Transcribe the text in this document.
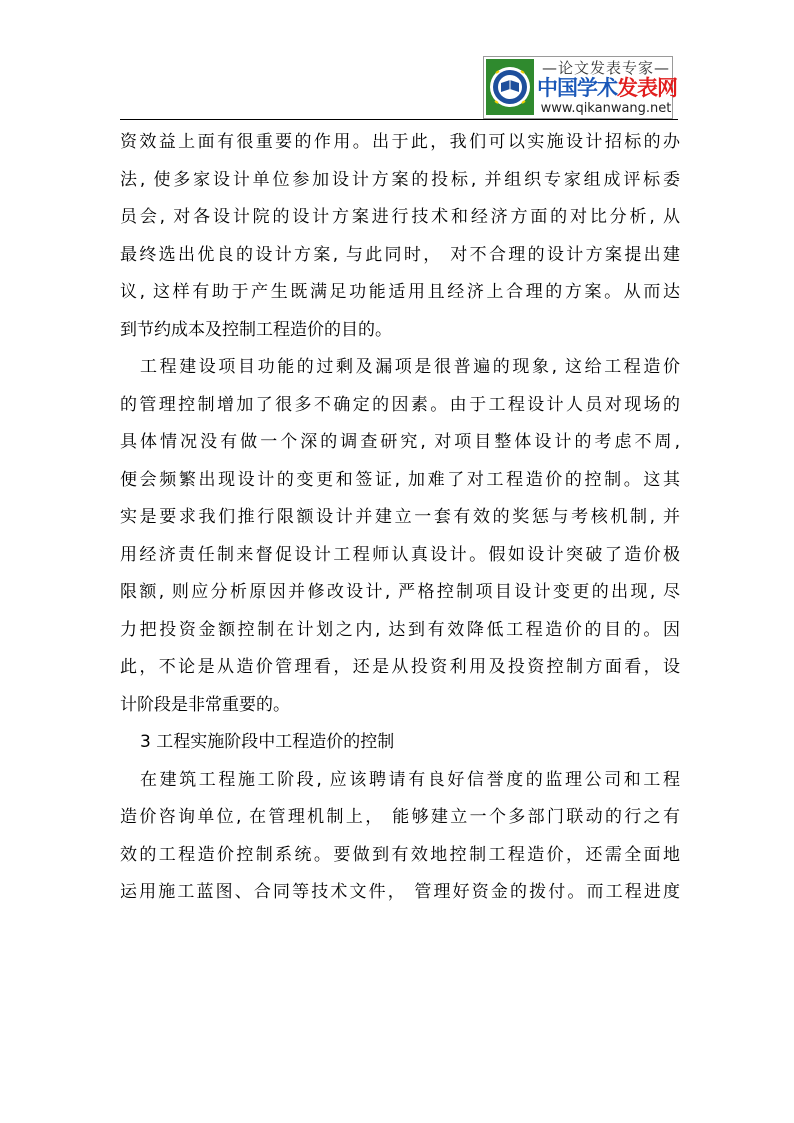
—论文发表专家—
中国学术发表网
www.qikanwang.net
资效益上面有很重要的作用。出于此，我们可以实施设计招标的办
法, 使多家设计单位参加设计方案的投标, 并组织专家组成评标委
员会, 对各设计院的设计方案进行技术和经济方面的对比分析, 从
最终选出优良的设计方案, 与此同时， 对不合理的设计方案提出建
议, 这样有助于产生既满足功能适用且经济上合理的方案。从而达
到节约成本及控制工程造价的目的。
工程建设项目功能的过剩及漏项是很普遍的现象, 这给工程造价
的管理控制增加了很多不确定的因素。由于工程设计人员对现场的
具体情况没有做一个深的调查研究, 对项目整体设计的考虑不周,
便会频繁出现设计的变更和签证, 加难了对工程造价的控制。这其
实是要求我们推行限额设计并建立一套有效的奖惩与考核机制, 并
用经济责任制来督促设计工程师认真设计。假如设计突破了造价极
限额, 则应分析原因并修改设计, 严格控制项目设计变更的出现, 尽
力把投资金额控制在计划之内, 达到有效降低工程造价的目的。因
此，不论是从造价管理看，还是从投资利用及投资控制方面看，设
计阶段是非常重要的。
3 工程实施阶段中工程造价的控制
在建筑工程施工阶段, 应该聘请有良好信誉度的监理公司和工程
造价咨询单位, 在管理机制上， 能够建立一个多部门联动的行之有
效的工程造价控制系统。要做到有效地控制工程造价，还需全面地
运用施工蓝图、合同等技术文件， 管理好资金的拨付。而工程进度
